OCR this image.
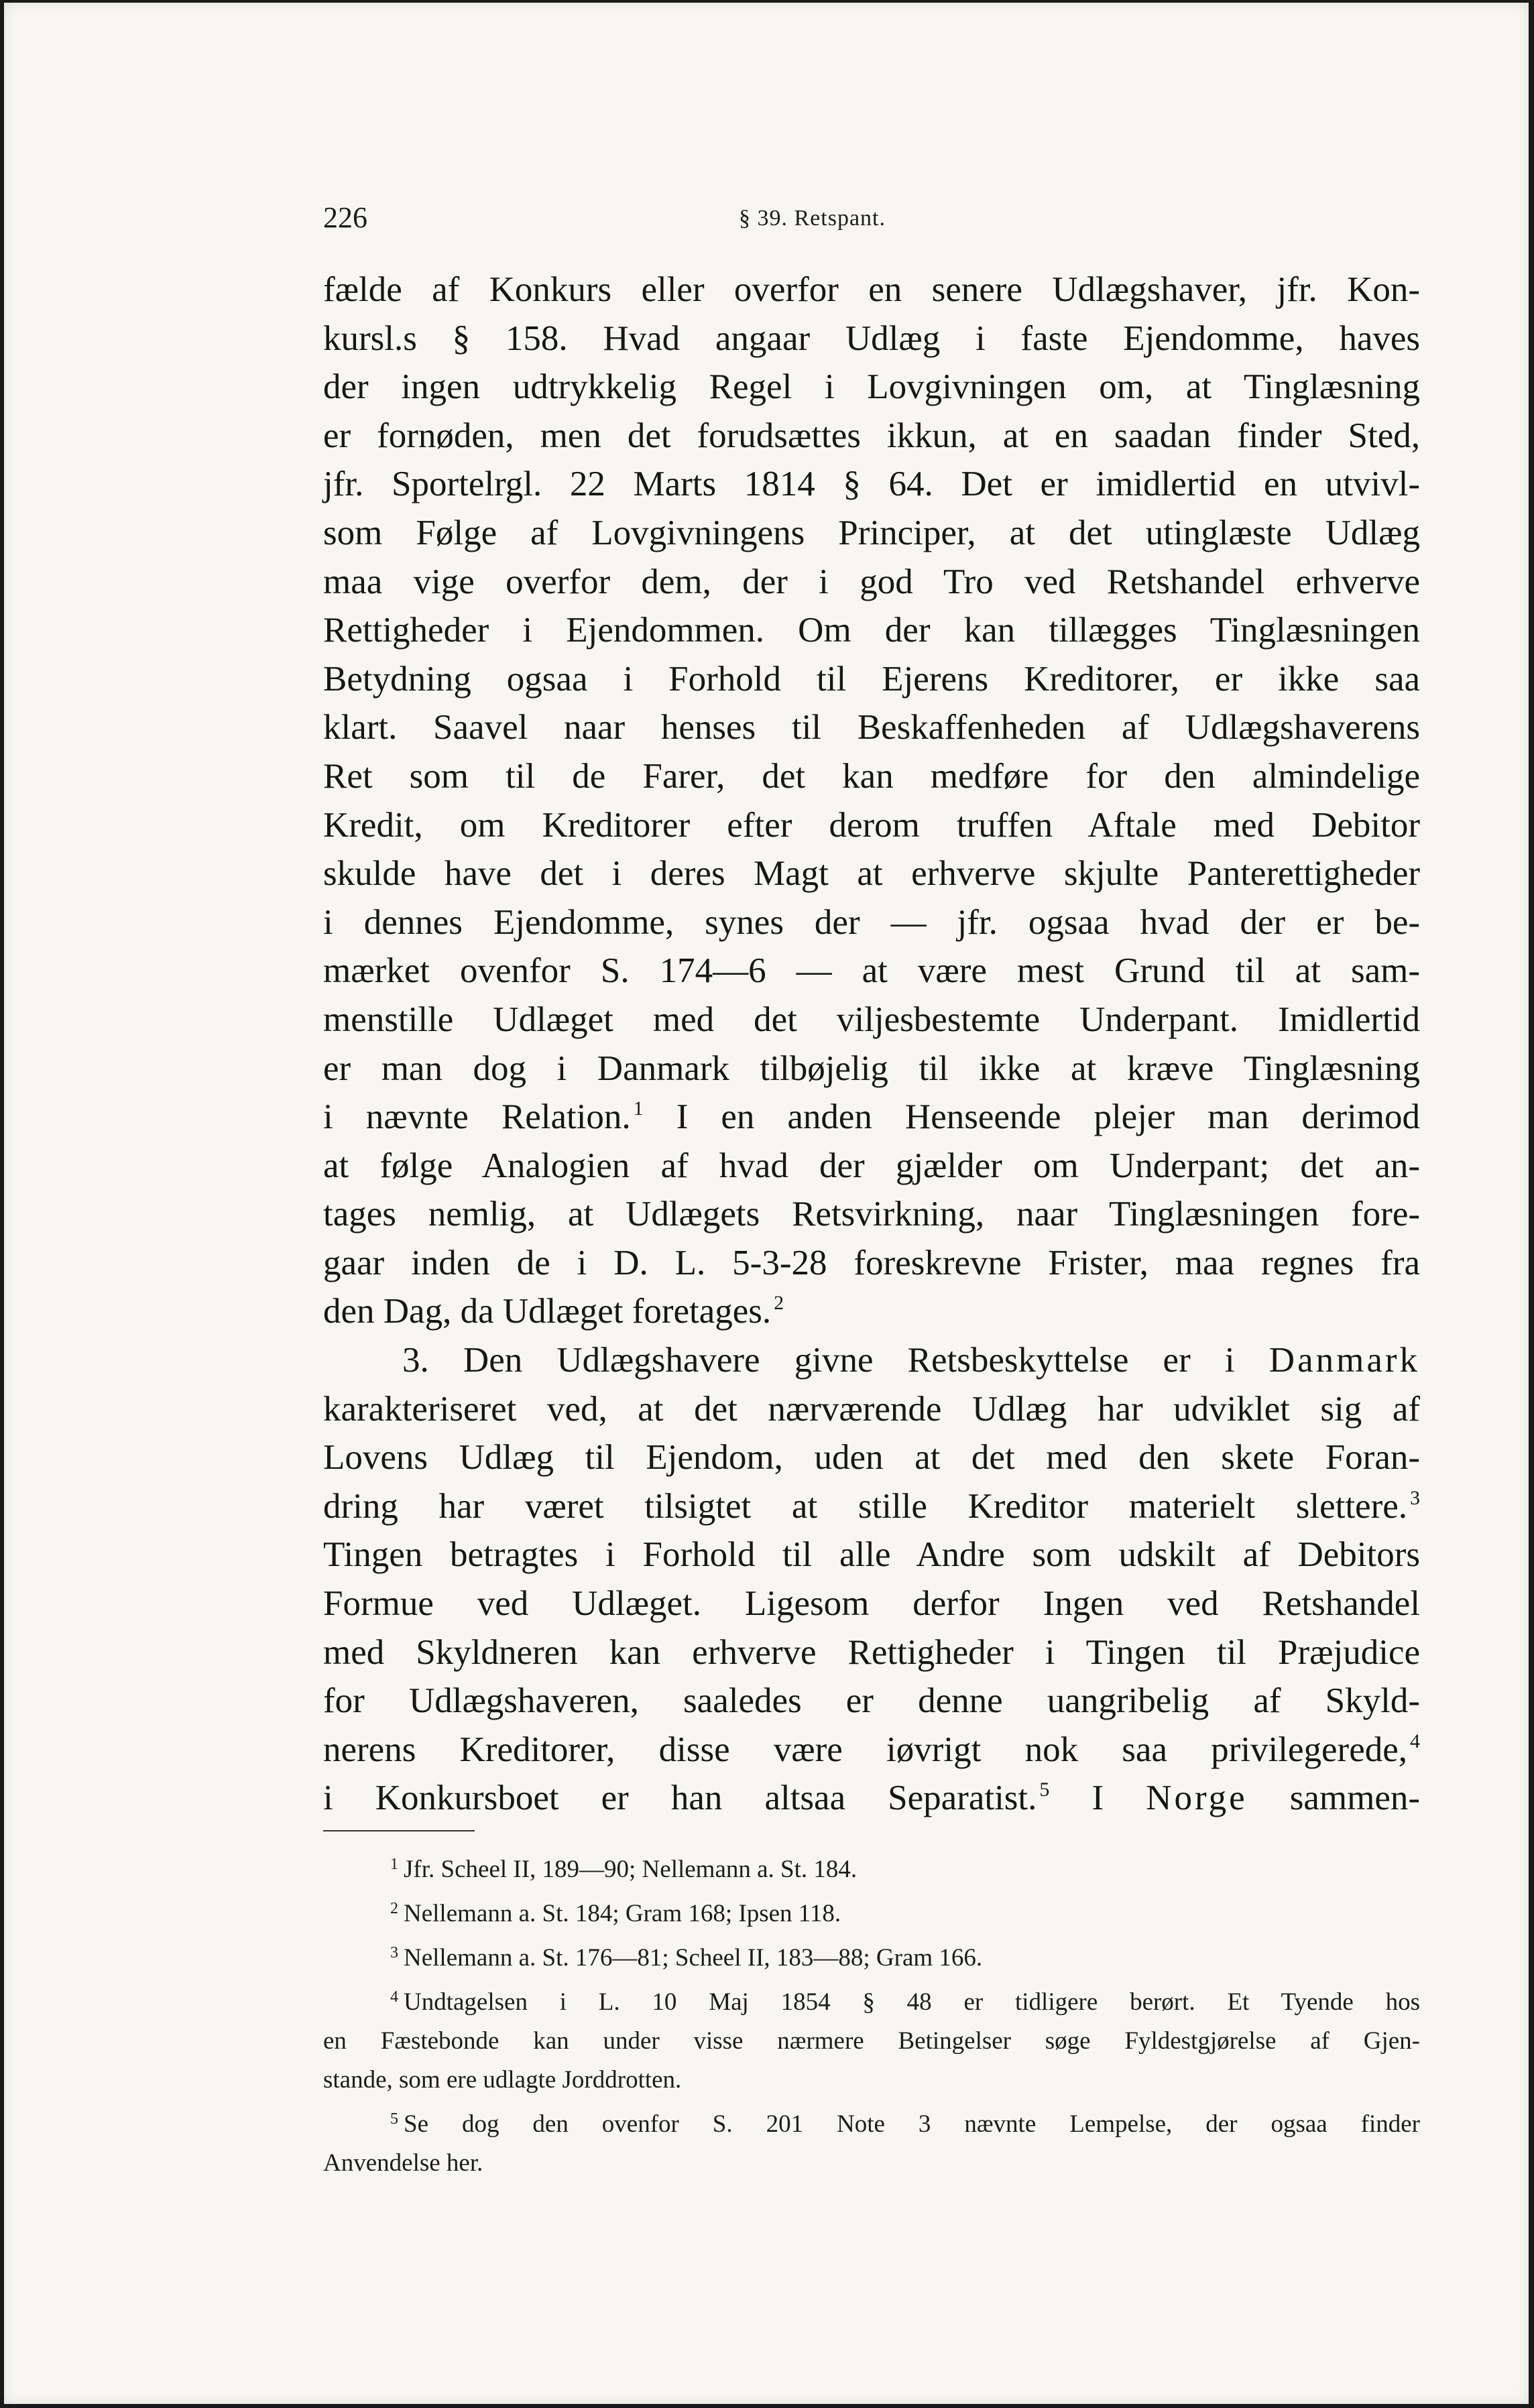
226	§ 39. Retspant.

fælde af Konkurs eller overfor en senere Udlægshaver, jfr. Kon-

kursl.s § 158. Hvad angaar Udlæg i faste Ejendomme, haves

der ingen udtrykkelig Regel i Lovgivningen om, at Tinglæsning

er fornøden, men det forudsættes ikkun, at en saadan finder Sted,

jfr. Sportelrgl. 22 Marts 1814 § 64. Det er imidlertid en utvivl-

som Følge af Lovgivningens Principer, at det utinglæste Udlæg

maa vige overfor dem, der i god Tro ved Retshandel erhverve

Rettigheder i Ejendommen. Om der kan tillægges Tinglæsningen

Betydning ogsaa i Forhold til Ejerens Kreditorer, er ikke saa

klart. Saavel naar henses til Beskaffenheden af Udlægshaverens

Ret som til de Farer, det kan medføre for den almindelige

Kredit, om Kreditorer efter derom truffen Aftale med Debitor

skulde have det i deres Magt at erhverve skjulte Panterettigheder

i dennes Ejendomme, synes der — jfr. ogsaa hvad der er be-

mærket ovenfor S. 174—6 — at være mest Grund til at sam-

menstille Udlæget med det viljesbestemte Underpant. Imidlertid

er man dog i Danmark tilbøjelig til ikke at kræve Tinglæsning

i nævnte Relation. $^1$ I en anden Henseende plejer man derimod

at følge Analogien af hvad der gjælder om Underpant; det an-

tages nemlig, at Udlægets Retsvirkning, naar Tinglæsningen fore-

gaar inden de i D. L. 5-3-28 foreskrevne Frister, maa regnes fra

den Dag, da Udlæget foretages. $^2$

3. Den Udlægshavere givne Retsbeskyttelse er i Danmark

karakteriseret ved, at det nærværende Udlæg har udviklet sig af

Lovens Udlæg til Ejendom, uden at det med den skete Foran-

dring har været tilsigtet at stille Kreditor materielt slettere. $^3$

Tingen betragtes i Forhold til alle Andre som udskilt af Debitors

Formue ved Udlæget. Ligesom derfor Ingen ved Retshandel

med Skyldneren kan erhverve Rettigheder i Tingen til Præjudice

for Udlægshaveren, saaledes er denne uangribelig af Skyld-

nerens Kreditorer, disse være iøvrigt nok saa privilegerede, $^4$

i Konkursboet er han altsaa Separatist. $^5$ I Norge sammen-

$^1$ Jfr. Scheel II, 189—90; Nellemann a. St. 184.

$^2$ Nellemann a. St. 184; Gram 168; Ipsen 118.

$^3$ Nellemann a. St. 176—81; Scheel II, 183—88; Gram 166.

$^4$ Undtagelsen i L. 10 Maj 1854 § 48 er tidligere berørt. Et Tyende hos
en Fæstebonde kan under visse nærmere Betingelser søge Fyldestgjørelse af Gjen-
stande, som ere udlagte Jorddrotten.

$^5$ Se dog den ovenfor S. 201 Note 3 nævnte Lempelse, der ogsaa finder
Anvendelse her.
